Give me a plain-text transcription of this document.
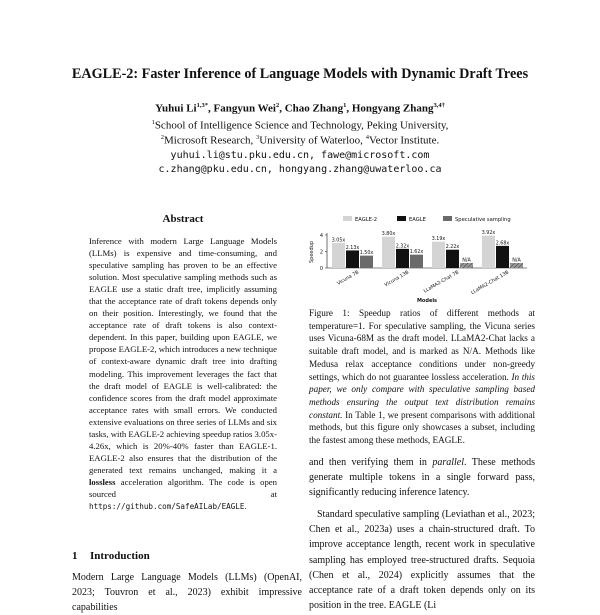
EAGLE-2: Faster Inference of Language Models with Dynamic Draft Trees
Yuhui $Li^{1,3*}$, Fangyun Wei$^2$, Chao Zhang$^1$, Hongyang Zhang$^{3,4\dagger}$
$^1$School of Intelligence Science and Technology, Peking University,
$^2$Microsoft Research, $^3$University of Waterloo, $^4$Vector Institute.
yuhui.li@stu.pku.edu.cn, fawe@microsoft.com
c.zhang@pku.edu.cn, hongyang.zhang@uwaterloo.ca
Abstract
Inference with modern Large Language Models (LLMs) is expensive and time-consuming, and speculative sampling has proven to be an effective solution. Most speculative sampling methods such as EAGLE use a static draft tree, implicitly assuming that the acceptance rate of draft tokens depends only on their position. Interestingly, we found that the acceptance rate of draft tokens is also context-dependent. In this paper, building upon EAGLE, we propose EAGLE-2, which introduces a new technique of context-aware dynamic draft tree into drafting modeling. This improvement leverages the fact that the draft model of EAGLE is well-calibrated: the confidence scores from the draft model approximate acceptance rates with small errors. We conducted extensive evaluations on three series of LLMs and six tasks, with EAGLE-2 achieving speedup ratios 3.05x-4.26x, which is 20%-40% faster than EAGLE-1. EAGLE-2 also ensures that the distribution of the generated text remains unchanged, making it a lossless acceleration algorithm. The code is open sourced at https://github.com/SafeAILab/EAGLE.
1 Introduction
Modern Large Language Models (LLMs) (OpenAI, 2023; Touvron et al., 2023) exhibit impressive capabilities
EAGLE-2	EAGLE	Speculative sampling
0
2
4
Speedup
3.05x
2.13x
1.50x
Vicuna 7B
3.80x
2.32x
1.62x
Vicuna 13B
3.19x
2.22x
N/A
LLaMA2-Chat 7B
3.92x
2.68x
N/A
LLaMA2-Chat 13B
Models
Figure 1: Speedup ratios of different methods at temperature=1. For speculative sampling, the Vicuna series uses Vicuna-68M as the draft model. LLaMA2-Chat lacks a suitable draft model, and is marked as N/A. Methods like Medusa relax acceptance conditions under non-greedy settings, which do not guarantee lossless acceleration. In this paper, we only compare with speculative sampling based methods ensuring the output text distribution remains constant. In Table 1, we present comparisons with additional methods, but this figure only showcases a subset, including the fastest among these methods, EAGLE.

and then verifying them in parallel. These methods generate multiple tokens in a single forward pass, significantly reducing inference latency.

Standard speculative sampling (Leviathan et al., 2023; Chen et al., 2023a) uses a chain-structured draft. To improve acceptance length, recent work in speculative sampling has employed tree-structured drafts. Sequoia (Chen et al., 2024) explicitly assumes that the acceptance rate of a draft token depends only on its position in the tree. EAGLE (Li
